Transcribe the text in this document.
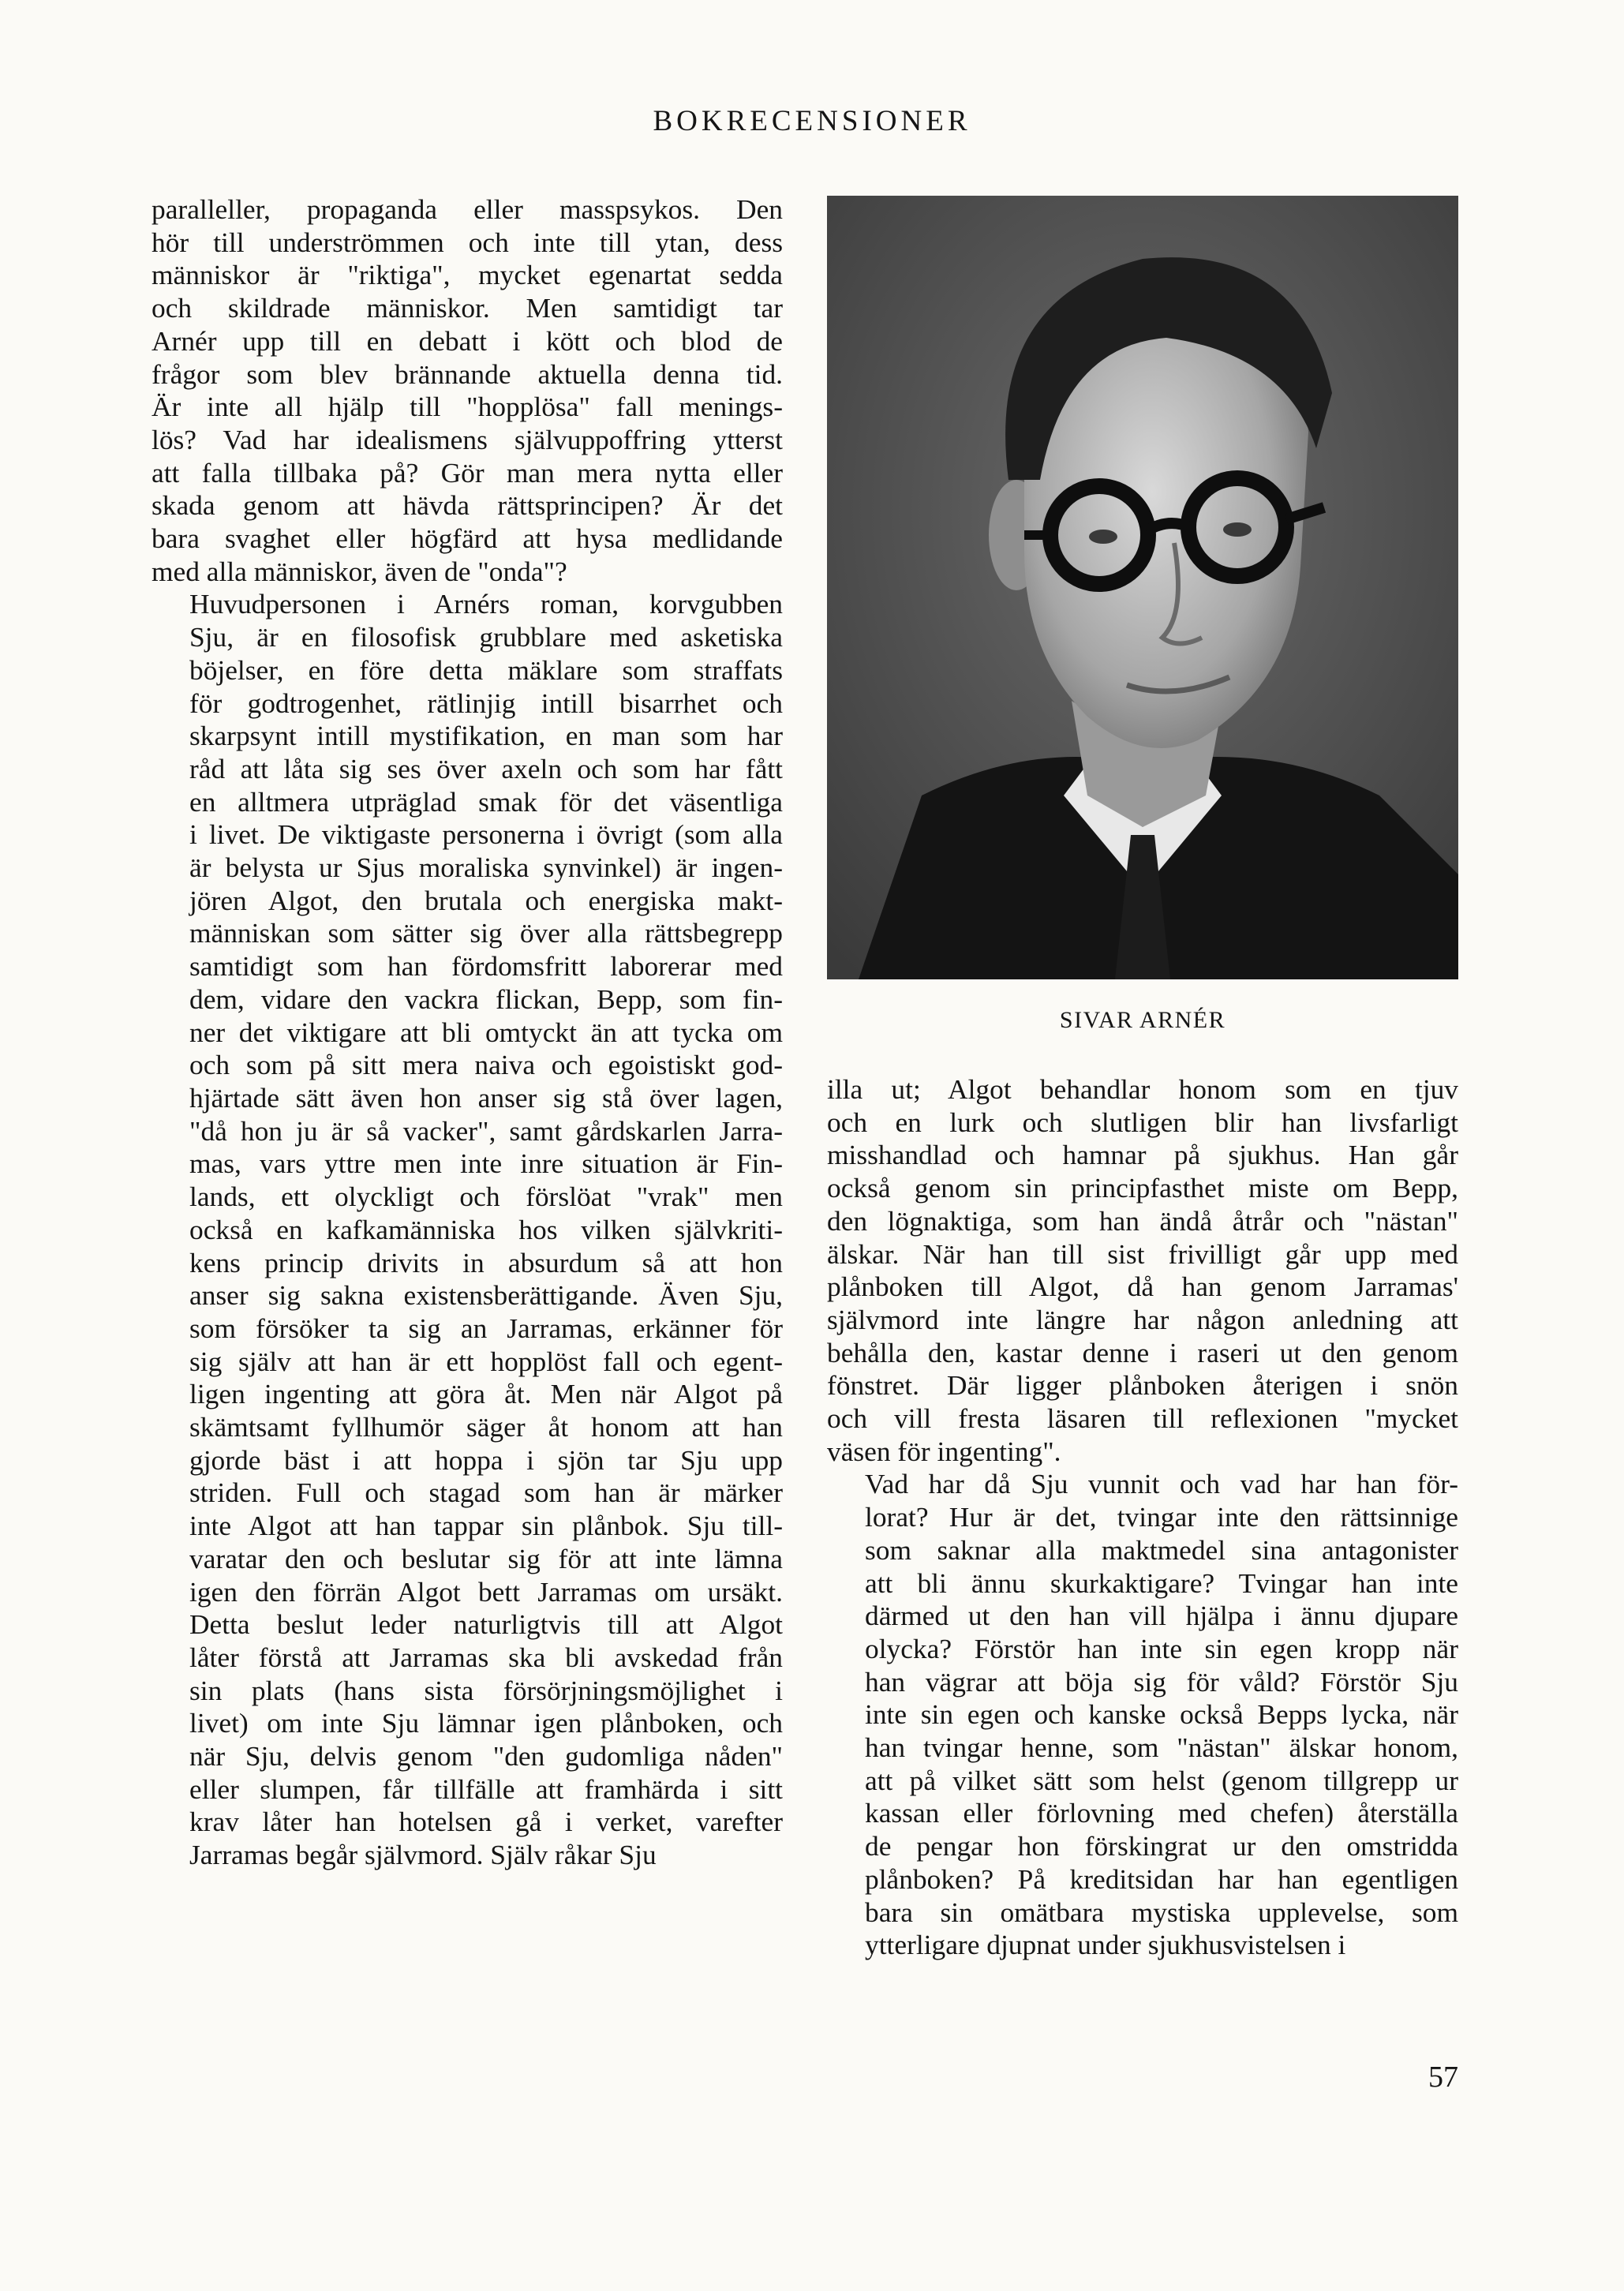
BOKRECENSIONER

paralleller, propaganda eller masspsykos. Den
hör till underströmmen och inte till ytan, dess
människor är "riktiga", mycket egenartat sedda
och skildrade människor. Men samtidigt tar
Arnér upp till en debatt i kött och blod de
frågor som blev brännande aktuella denna tid.
Är inte all hjälp till "hopplösa" fall menings-
lös? Vad har idealismens självuppoffring ytterst
att falla tillbaka på? Gör man mera nytta eller
skada genom att hävda rättsprincipen? Är det
bara svaghet eller högfärd att hysa medlidande
med alla människor, även de "onda"?

Huvudpersonen i Arnérs roman, korvgubben
Sju, är en filosofisk grubblare med asketiska
böjelser, en före detta mäklare som straffats
för godtrogenhet, rätlinjig intill bisarrhet och
skarpsynt intill mystifikation, en man som har
råd att låta sig ses över axeln och som har fått
en alltmera utpräglad smak för det väsentliga
i livet. De viktigaste personerna i övrigt (som alla
är belysta ur Sjus moraliska synvinkel) är ingen-
jören Algot, den brutala och energiska makt-
människan som sätter sig över alla rättsbegrepp
samtidigt som han fördomsfritt laborerar med
dem, vidare den vackra flickan, Bepp, som fin-
ner det viktigare att bli omtyckt än att tycka om
och som på sitt mera naiva och egoistiskt god-
hjärtade sätt även hon anser sig stå över lagen,
"då hon ju är så vacker", samt gårdskarlen Jarra-
mas, vars yttre men inte inre situation är Fin-
lands, ett olyckligt och förslöat "vrak" men
också en kafkamänniska hos vilken självkriti-
kens princip drivits in absurdum så att hon
anser sig sakna existensberättigande. Även Sju,
som försöker ta sig an Jarramas, erkänner för
sig själv att han är ett hopplöst fall och egent-
ligen ingenting att göra åt. Men när Algot på
skämtsamt fyllhumör säger åt honom att han
gjorde bäst i att hoppa i sjön tar Sju upp
striden. Full och stagad som han är märker
inte Algot att han tappar sin plånbok. Sju till-
varatar den och beslutar sig för att inte lämna
igen den förrän Algot bett Jarramas om ursäkt.
Detta beslut leder naturligtvis till att Algot
låter förstå att Jarramas ska bli avskedad från
sin plats (hans sista försörjningsmöjlighet i
livet) om inte Sju lämnar igen plånboken, och
när Sju, delvis genom "den gudomliga nåden"
eller slumpen, får tillfälle att framhärda i sitt
krav låter han hotelsen gå i verket, varefter
Jarramas begår självmord. Själv råkar Sju

SIVAR ARNÉR

illa ut; Algot behandlar honom som en tjuv
och en lurk och slutligen blir han livsfarligt
misshandlad och hamnar på sjukhus. Han går
också genom sin principfasthet miste om Bepp,
den lögnaktiga, som han ändå åtrår och "nästan"
älskar. När han till sist frivilligt går upp med
plånboken till Algot, då han genom Jarramas'
självmord inte längre har någon anledning att
behålla den, kastar denne i raseri ut den genom
fönstret. Där ligger plånboken återigen i snön
och vill fresta läsaren till reflexionen "mycket
väsen för ingenting".

Vad har då Sju vunnit och vad har han för-
lorat? Hur är det, tvingar inte den rättsinnige
som saknar alla maktmedel sina antagonister
att bli ännu skurkaktigare? Tvingar han inte
därmed ut den han vill hjälpa i ännu djupare
olycka? Förstör han inte sin egen kropp när
han vägrar att böja sig för våld? Förstör Sju
inte sin egen och kanske också Bepps lycka, när
han tvingar henne, som "nästan" älskar honom,
att på vilket sätt som helst (genom tillgrepp ur
kassan eller förlovning med chefen) återställa
de pengar hon förskingrat ur den omstridda
plånboken? På kreditsidan har han egentligen
bara sin omätbara mystiska upplevelse, som
ytterligare djupnat under sjukhusvistelsen i

57
